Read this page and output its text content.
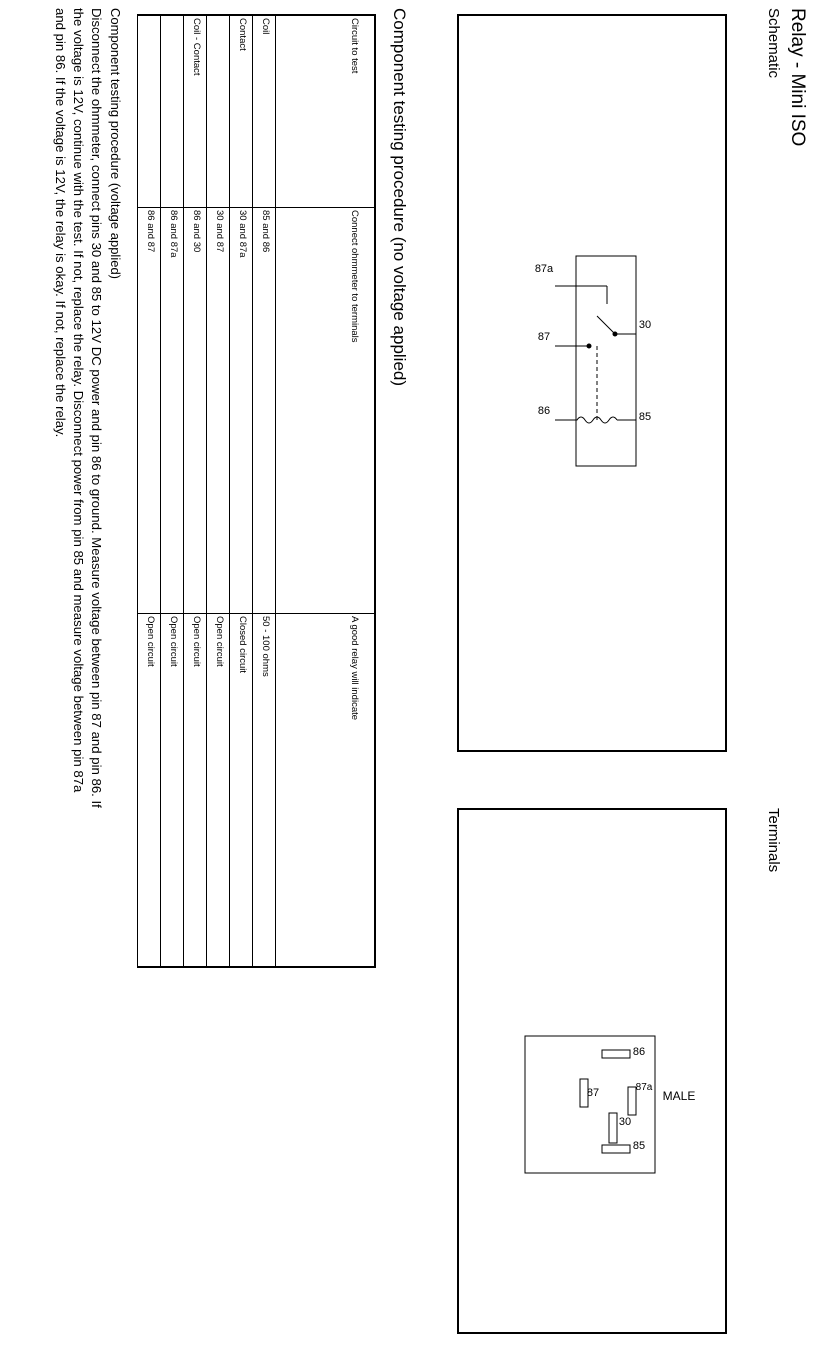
Relay - Mini ISO
Schematic
Terminals
30
85
87a
87
86
86
87	87a
30
85
MALE
Component testing procedure (no voltage applied)
Circuit to test	Connect ohmmeter to terminals	A good relay will indicate
Coil	85 and 86	50 - 100 ohms
Contact	30 and 87a	Closed circuit
	30 and 87	Open circuit
Coil - Contact	86 and 30	Open circuit
	86 and 87a	Open circuit
	86 and 87	Open circuit
Component testing procedure (voltage applied)
Disconnect the ohmmeter, connect pins 30 and 85 to 12V DC power and pin 86 to ground. Measure voltage between pin 87 and pin 86. If
the voltage is 12V, continue with the test. If not, replace the relay. Disconnect power from pin 85 and measure voltage between pin 87a
and pin 86. If the voltage is 12V, the relay is okay. If not, replace the relay.
